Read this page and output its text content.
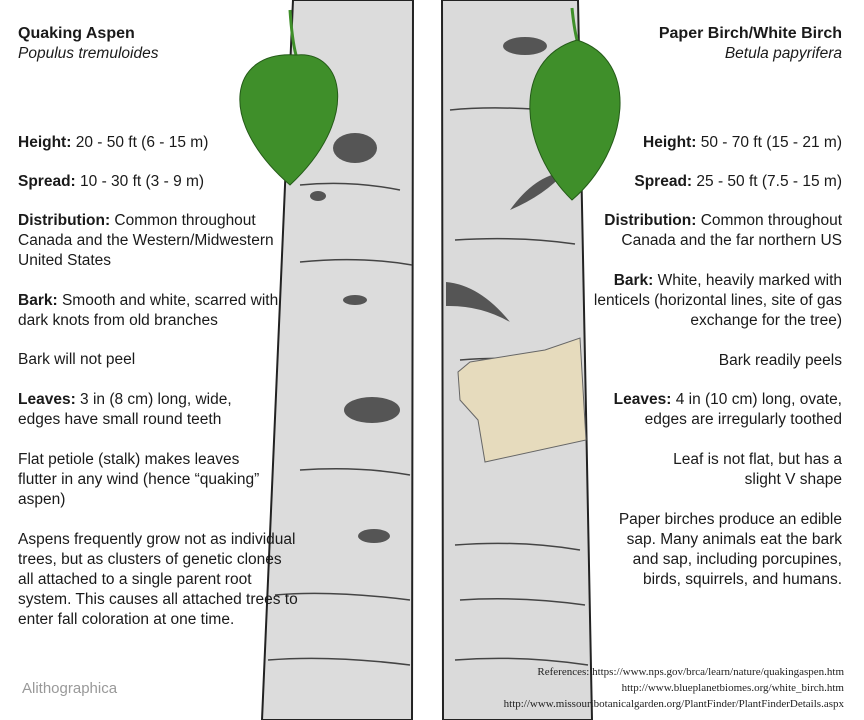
Quaking Aspen
Populus tremuloides
Height: 20 - 50 ft (6 - 15 m)
Spread: 10 - 30 ft (3 - 9 m)
Distribution: Common throughout Canada and the Western/Midwestern United States
Bark: Smooth and white, scarred with dark knots from old branches
Bark will not peel
Leaves: 3 in (8 cm) long, wide, edges have small round teeth
Flat petiole (stalk) makes leaves flutter in any wind (hence “quaking” aspen)
Aspens frequently grow not as individual trees, but as clusters of genetic clones all attached to a single parent root system. This causes all attached trees to enter fall coloration at one time.
Paper Birch/White Birch
Betula papyrifera
Height: 50 - 70 ft (15 - 21 m)
Spread: 25 - 50 ft (7.5 - 15 m)
Distribution: Common throughout Canada and the far northern US
Bark: White, heavily marked with lenticels (horizontal lines, site of gas exchange for the tree)
Bark readily peels
Leaves: 4 in (10 cm) long, ovate, edges are irregularly toothed
Leaf is not flat, but has a slight V shape
Paper birches produce an edible sap. Many animals eat the bark and sap, including porcupines, birds, squirrels, and humans.
References: https://www.nps.gov/brca/learn/nature/quakingaspen.htm
http://www.blueplanetbiomes.org/white_birch.htm
http://www.missouribotanicalgarden.org/PlantFinder/PlantFinderDetails.aspx
Alithographica
